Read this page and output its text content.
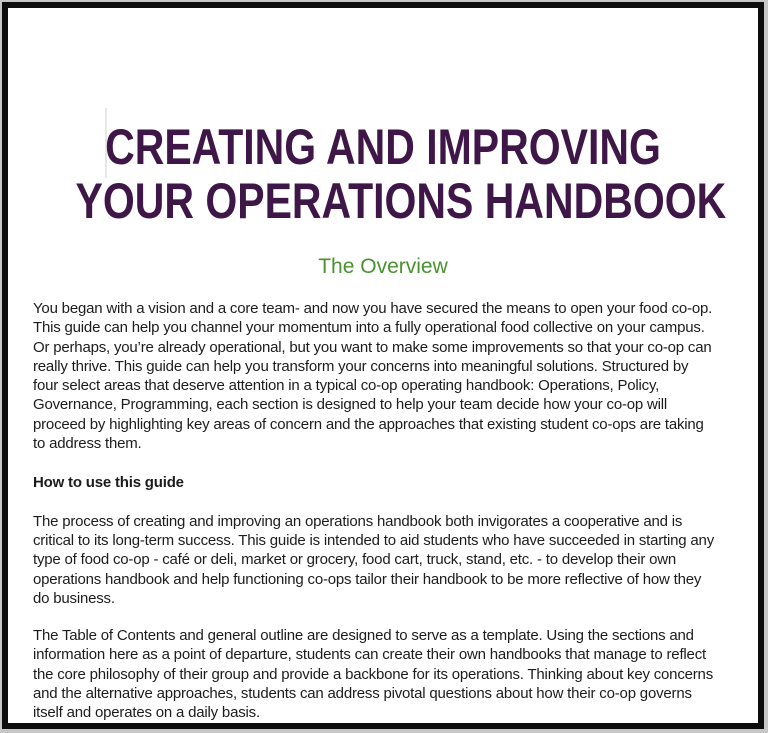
CREATING AND IMPROVING
YOUR OPERATIONS HANDBOOK
The Overview
You began with a vision and a core team- and now you have secured the means to open your food co-op.
This guide can help you channel your momentum into a fully operational food collective on your campus.
Or perhaps, you’re already operational, but you want to make some improvements so that your co-op can
really thrive. This guide can help you transform your concerns into meaningful solutions. Structured by
four select areas that deserve attention in a typical co-op operating handbook: Operations, Policy,
Governance, Programming, each section is designed to help your team decide how your co-op will
proceed by highlighting key areas of concern and the approaches that existing student co-ops are taking
to address them.
How to use this guide
The process of creating and improving an operations handbook both invigorates a cooperative and is
critical to its long-term success. This guide is intended to aid students who have succeeded in starting any
type of food co-op - café or deli, market or grocery, food cart, truck, stand, etc. - to develop their own
operations handbook and help functioning co-ops tailor their handbook to be more reflective of how they
do business.
The Table of Contents and general outline are designed to serve as a template. Using the sections and
information here as a point of departure, students can create their own handbooks that manage to reflect
the core philosophy of their group and provide a backbone for its operations. Thinking about key concerns
and the alternative approaches, students can address pivotal questions about how their co-op governs
itself and operates on a daily basis.
